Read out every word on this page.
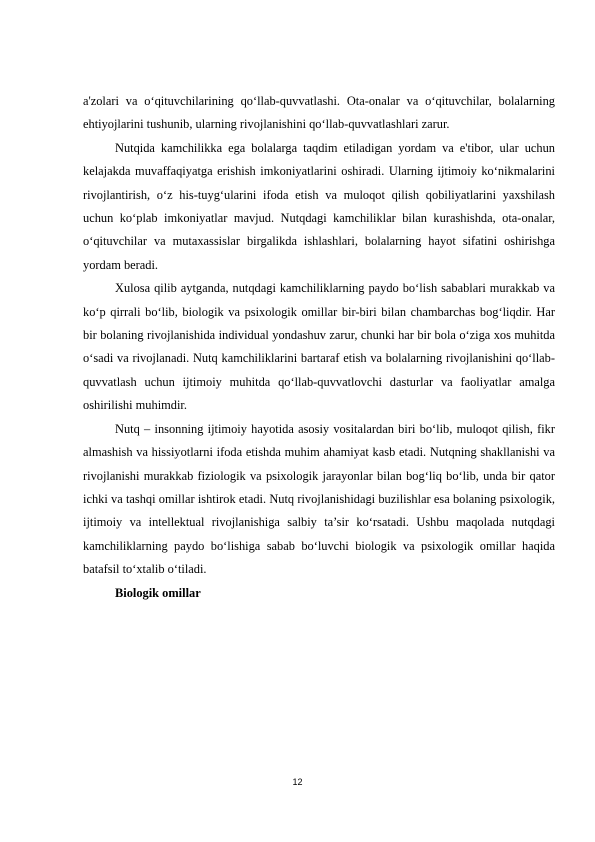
a'zolari va o‘qituvchilarining qo‘llab-quvvatlashi. Ota-onalar va o‘qituvchilar, bolalarning ehtiyojlarini tushunib, ularning rivojlanishini qo‘llab-quvvatlashlari zarur.

Nutqida kamchilikka ega bolalarga taqdim etiladigan yordam va e'tibor, ular uchun kelajakda muvaffaqiyatga erishish imkoniyatlarini oshiradi. Ularning ijtimoiy ko‘nikmalarini rivojlantirish, o‘z his-tuyg‘ularini ifoda etish va muloqot qilish qobiliyatlarini yaxshilash uchun ko‘plab imkoniyatlar mavjud. Nutqdagi kamchiliklar bilan kurashishda, ota-onalar, o‘qituvchilar va mutaxassislar birgalikda ishlashlari, bolalarning hayot sifatini oshirishga yordam beradi.

Xulosa qilib aytganda, nutqdagi kamchiliklarning paydo bo‘lish sabablari murakkab va ko‘p qirrali bo‘lib, biologik va psixologik omillar bir-biri bilan chambarchas bog‘liqdir. Har bir bolaning rivojlanishida individual yondashuv zarur, chunki har bir bola o‘ziga xos muhitda o‘sadi va rivojlanadi. Nutq kamchiliklarini bartaraf etish va bolalarning rivojlanishini qo‘llab-quvvatlash uchun ijtimoiy muhitda qo‘llab-quvvatlovchi dasturlar va faoliyatlar amalga oshirilishi muhimdir.

Nutq – insonning ijtimoiy hayotida asosiy vositalardan biri bo‘lib, muloqot qilish, fikr almashish va hissiyotlarni ifoda etishda muhim ahamiyat kasb etadi. Nutqning shakllanishi va rivojlanishi murakkab fiziologik va psixologik jarayonlar bilan bog‘liq bo‘lib, unda bir qator ichki va tashqi omillar ishtirok etadi. Nutq rivojlanishidagi buzilishlar esa bolaning psixologik, ijtimoiy va intellektual rivojlanishiga salbiy ta’sir ko‘rsatadi. Ushbu maqolada nutqdagi kamchiliklarning paydo bo‘lishiga sabab bo‘luvchi biologik va psixologik omillar haqida batafsil to‘xtalib o‘tiladi.

Biologik omillar

12
